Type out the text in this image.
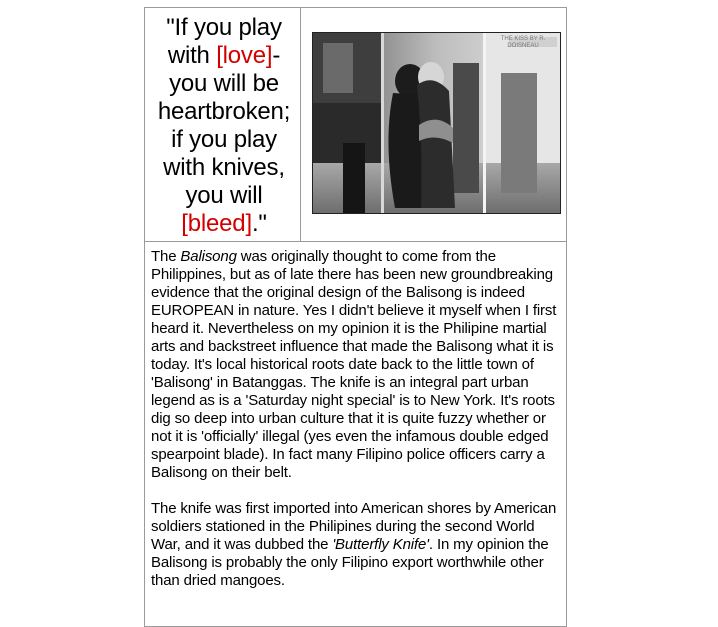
"If you play with [love]- you will be heartbroken; if you play with knives, you will [bleed]."

THE KISS BY R. DOISNEAU

The Balisong was originally thought to come from the Philippines, but as of late there has been new groundbreaking evidence that the original design of the Balisong is indeed EUROPEAN in nature. Yes I didn't believe it myself when I first heard it. Nevertheless on my opinion it is the Philipine martial arts and backstreet influence that made the Balisong what it is today. It's local historical roots date back to the little town of 'Balisong' in Batanggas. The knife is an integral part urban legend as is a 'Saturday night special' is to New York. It's roots dig so deep into urban culture that it is quite fuzzy whether or not it is 'officially' illegal (yes even the infamous double edged spearpoint blade). In fact many Filipino police officers carry a Balisong on their belt.

The knife was first imported into American shores by American soldiers stationed in the Philipines during the second World War, and it was dubbed the 'Butterfly Knife'. In my opinion the Balisong is probably the only Filipino export worthwhile other than dried mangoes.
